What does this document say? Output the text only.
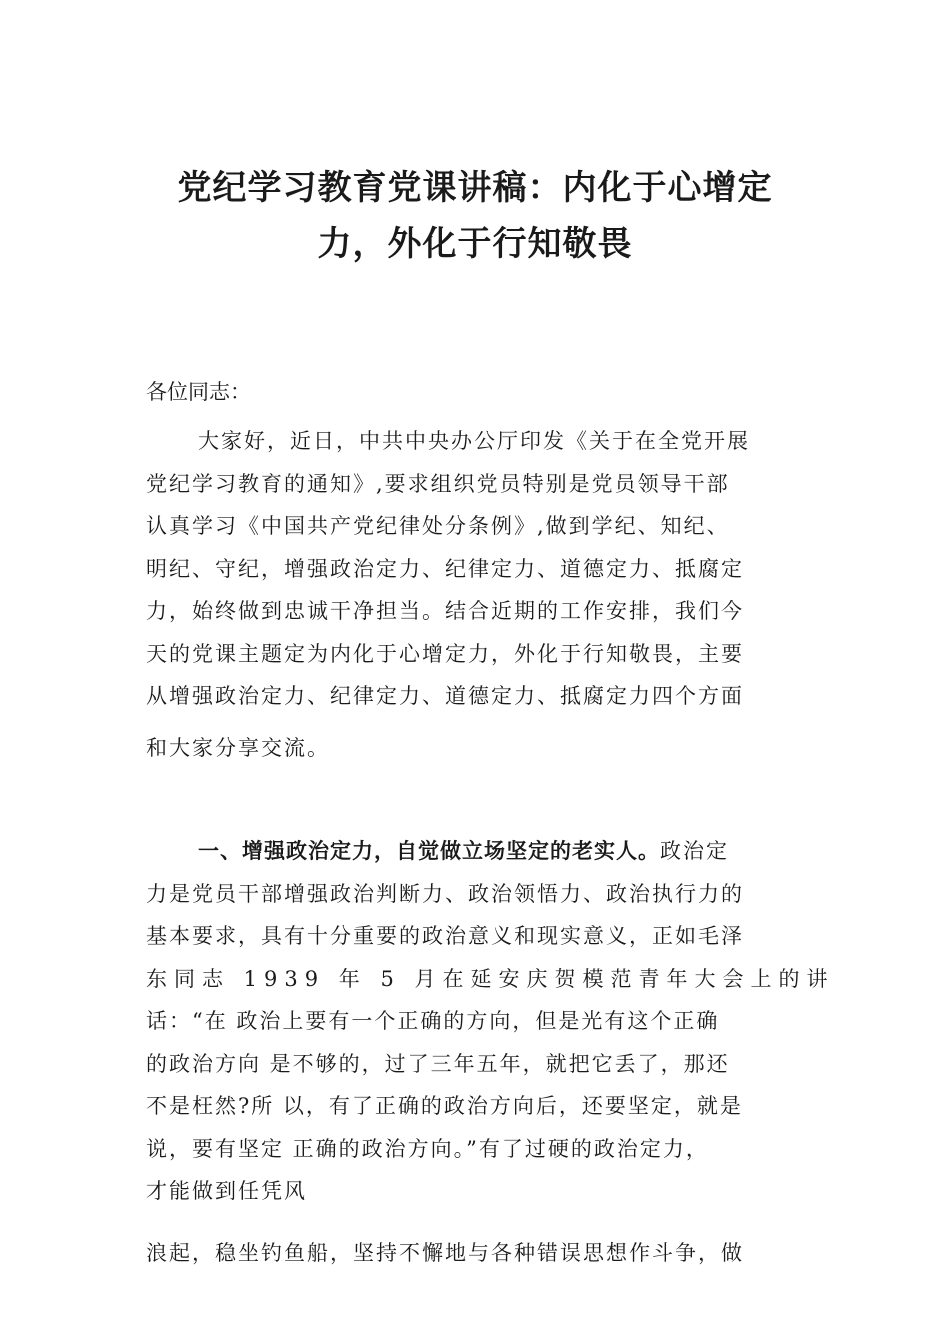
党纪学习教育党课讲稿：内化于心增定
力，外化于行知敬畏
各位同志：
大家好，近日，中共中央办公厅印发《关于在全党开展
党纪学习教育的通知》,要求组织党员特别是党员领导干部
认真学习《中国共产党纪律处分条例》,做到学纪、知纪、
明纪、守纪，增强政治定力、纪律定力、道德定力、抵腐定
力，始终做到忠诚干净担当。结合近期的工作安排，我们今
天的党课主题定为内化于心增定力，外化于行知敬畏，主要
从增强政治定力、纪律定力、道德定力、抵腐定力四个方面
和大家分享交流。
一、增强政治定力，自觉做立场坚定的老实人。政治定
力是党员干部增强政治判断力、政治领悟力、政治执行力的
基本要求，具有十分重要的政治意义和现实意义，正如毛泽
东同志 1939 年 5 月在延安庆贺模范青年大会上的讲
话：“在 政治上要有一个正确的方向，但是光有这个正确
的政治方向 是不够的，过了三年五年，就把它丢了，那还
不是枉然?所 以，有了正确的政治方向后，还要坚定，就是
说，要有坚定 正确的政治方向。”有了过硬的政治定力，
才能做到任凭风
浪起，稳坐钓鱼船，坚持不懈地与各种错误思想作斗争，做
